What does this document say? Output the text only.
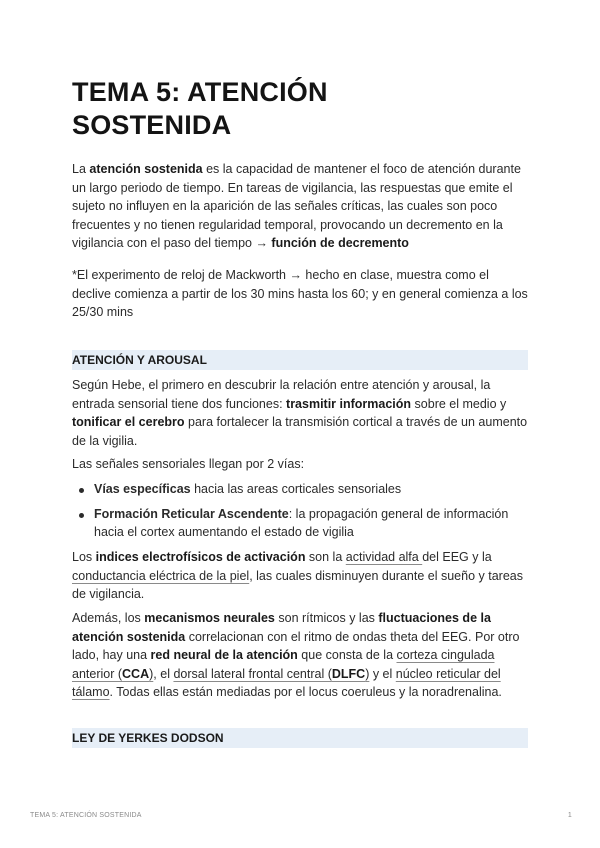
TEMA 5: ATENCIÓN
SOSTENIDA

La atención sostenida es la capacidad de mantener el foco de atención durante un largo periodo de tiempo. En tareas de vigilancia, las respuestas que emite el sujeto no influyen en la aparición de las señales críticas, las cuales son poco frecuentes y no tienen regularidad temporal, provocando un decremento en la vigilancia con el paso del tiempo → función de decremento

*El experimento de reloj de Mackworth → hecho en clase, muestra como el declive comienza a partir de los 30 mins hasta los 60; y en general comienza a los 25/30 mins

ATENCIÓN Y AROUSAL

Según Hebe, el primero en descubrir la relación entre atención y arousal, la entrada sensorial tiene dos funciones: trasmitir información sobre el medio y tonificar el cerebro para fortalecer la transmisión cortical a través de un aumento de la vigilia.

Las señales sensoriales llegan por 2 vías:

Vías específicas hacia las areas corticales sensoriales
Formación Reticular Ascendente: la propagación general de información hacia el cortex aumentando el estado de vigilia

Los indices electrofísicos de activación son la actividad alfa del EEG y la conductancia eléctrica de la piel, las cuales disminuyen durante el sueño y tareas de vigilancia.

Además, los mecanismos neurales son rítmicos y las fluctuaciones de la atención sostenida correlacionan con el ritmo de ondas theta del EEG. Por otro lado, hay una red neural de la atención que consta de la corteza cingulada anterior (CCA), el dorsal lateral frontal central (DLFC) y el núcleo reticular del tálamo. Todas ellas están mediadas por el locus coeruleus y la noradrenalina.

LEY DE YERKES DODSON
TEMA 5: ATENCIÓN SOSTENIDA	1
